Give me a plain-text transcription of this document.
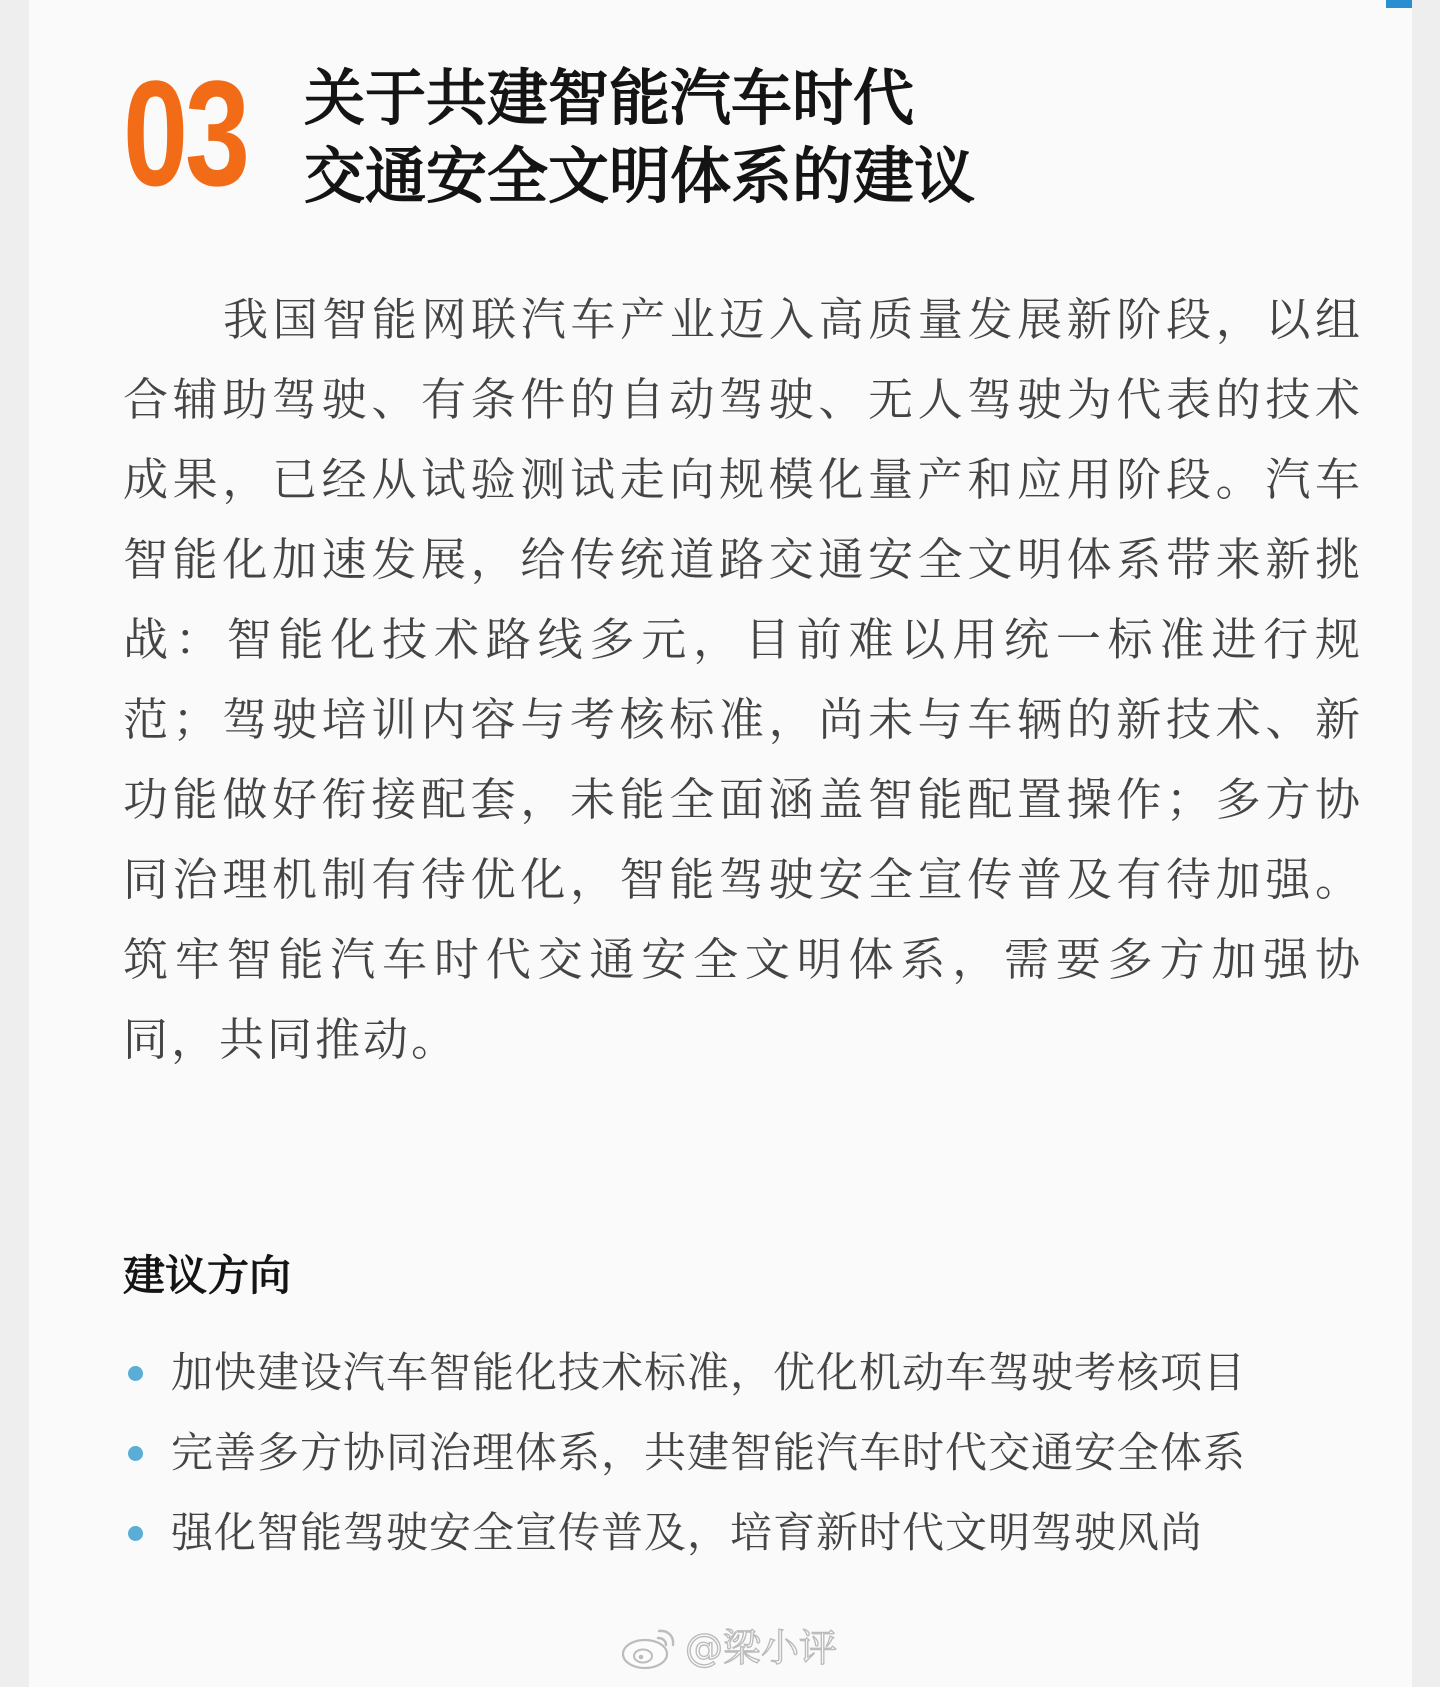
03 关于共建智能汽车时代
交通安全文明体系的建议

我国智能网联汽车产业迈入高质量发展新阶段，以组合辅助驾驶、有条件的自动驾驶、无人驾驶为代表的技术成果，已经从试验测试走向规模化量产和应用阶段。汽车智能化加速发展，给传统道路交通安全文明体系带来新挑战：智能化技术路线多元，目前难以用统一标准进行规范；驾驶培训内容与考核标准，尚未与车辆的新技术、新功能做好衔接配套，未能全面涵盖智能配置操作；多方协同治理机制有待优化，智能驾驶安全宣传普及有待加强。筑牢智能汽车时代交通安全文明体系，需要多方加强协同，共同推动。

建议方向
加快建设汽车智能化技术标准，优化机动车驾驶考核项目
完善多方协同治理体系，共建智能汽车时代交通安全体系
强化智能驾驶安全宣传普及，培育新时代文明驾驶风尚
@梁小评
